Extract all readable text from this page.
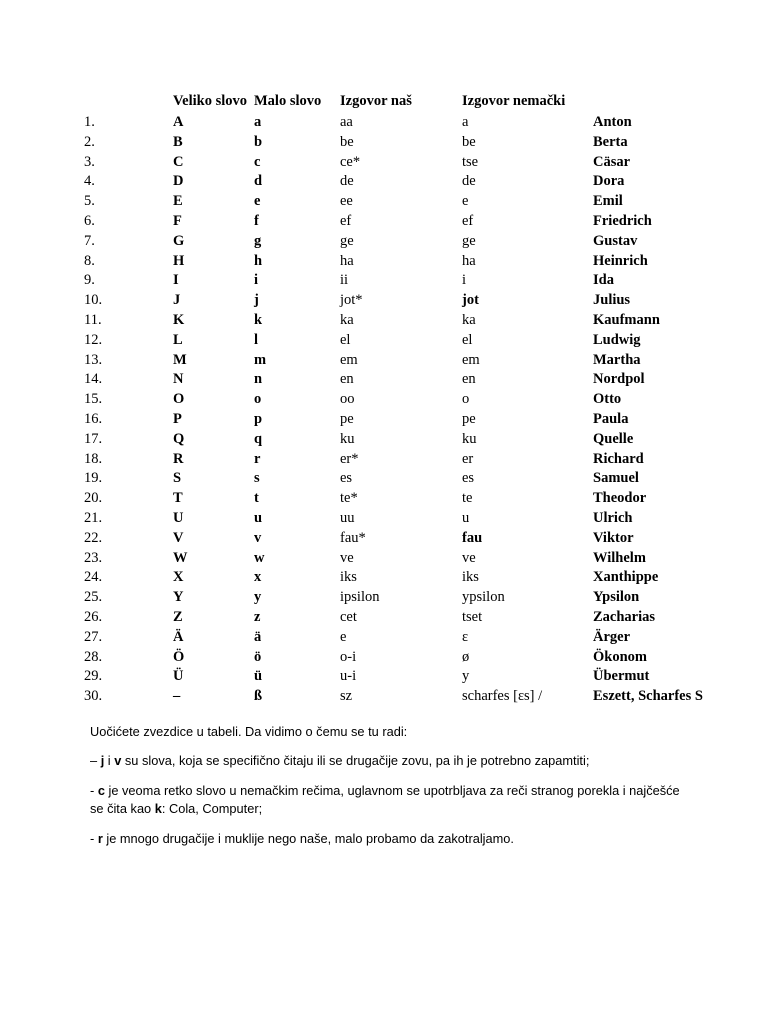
	Veliko slovo	Malo slovo	Izgovor naš	Izgovor nemački	
1.	A	a	aa	a	Anton
2.	B	b	be	be	Berta
3.	C	c	ce*	tse	Cäsar
4.	D	d	de	de	Dora
5.	E	e	ee	e	Emil
6.	F	f	ef	ef	Friedrich
7.	G	g	ge	ge	Gustav
8.	H	h	ha	ha	Heinrich
9.	I	i	ii	i	Ida
10.	J	j	jot*	jot	Julius
11.	K	k	ka	ka	Kaufmann
12.	L	l	el	el	Ludwig
13.	M	m	em	em	Martha
14.	N	n	en	en	Nordpol
15.	O	o	oo	o	Otto
16.	P	p	pe	pe	Paula
17.	Q	q	ku	ku	Quelle
18.	R	r	er*	er	Richard
19.	S	s	es	es	Samuel
20.	T	t	te*	te	Theodor
21.	U	u	uu	u	Ulrich
22.	V	v	fau*	fau	Viktor
23.	W	w	ve	ve	Wilhelm
24.	X	x	iks	iks	Xanthippe
25.	Y	y	ipsilon	ypsilon	Ypsilon
26.	Z	z	cet	tset	Zacharias
27.	Ä	ä	e	ɛ	Ärger
28.	Ö	ö	o-i	ø	Ökonom
29.	Ü	ü	u-i	y	Übermut
30.	–	ß	sz	scharfes [ɛs] /	Eszett, Scharfes S

Uočićete zvezdice u tabeli. Da vidimo o čemu se tu radi:

– j i v su slova, koja se specifično čitaju ili se drugačije zovu, pa ih je potrebno zapamtiti;

- c je veoma retko slovo u nemačkim rečima, uglavnom se upotrbljava za reči stranog porekla i najčešće se čita kao k: Cola, Computer;

- r je mnogo drugačije i muklije nego naše, malo probamo da zakotraljamo.
